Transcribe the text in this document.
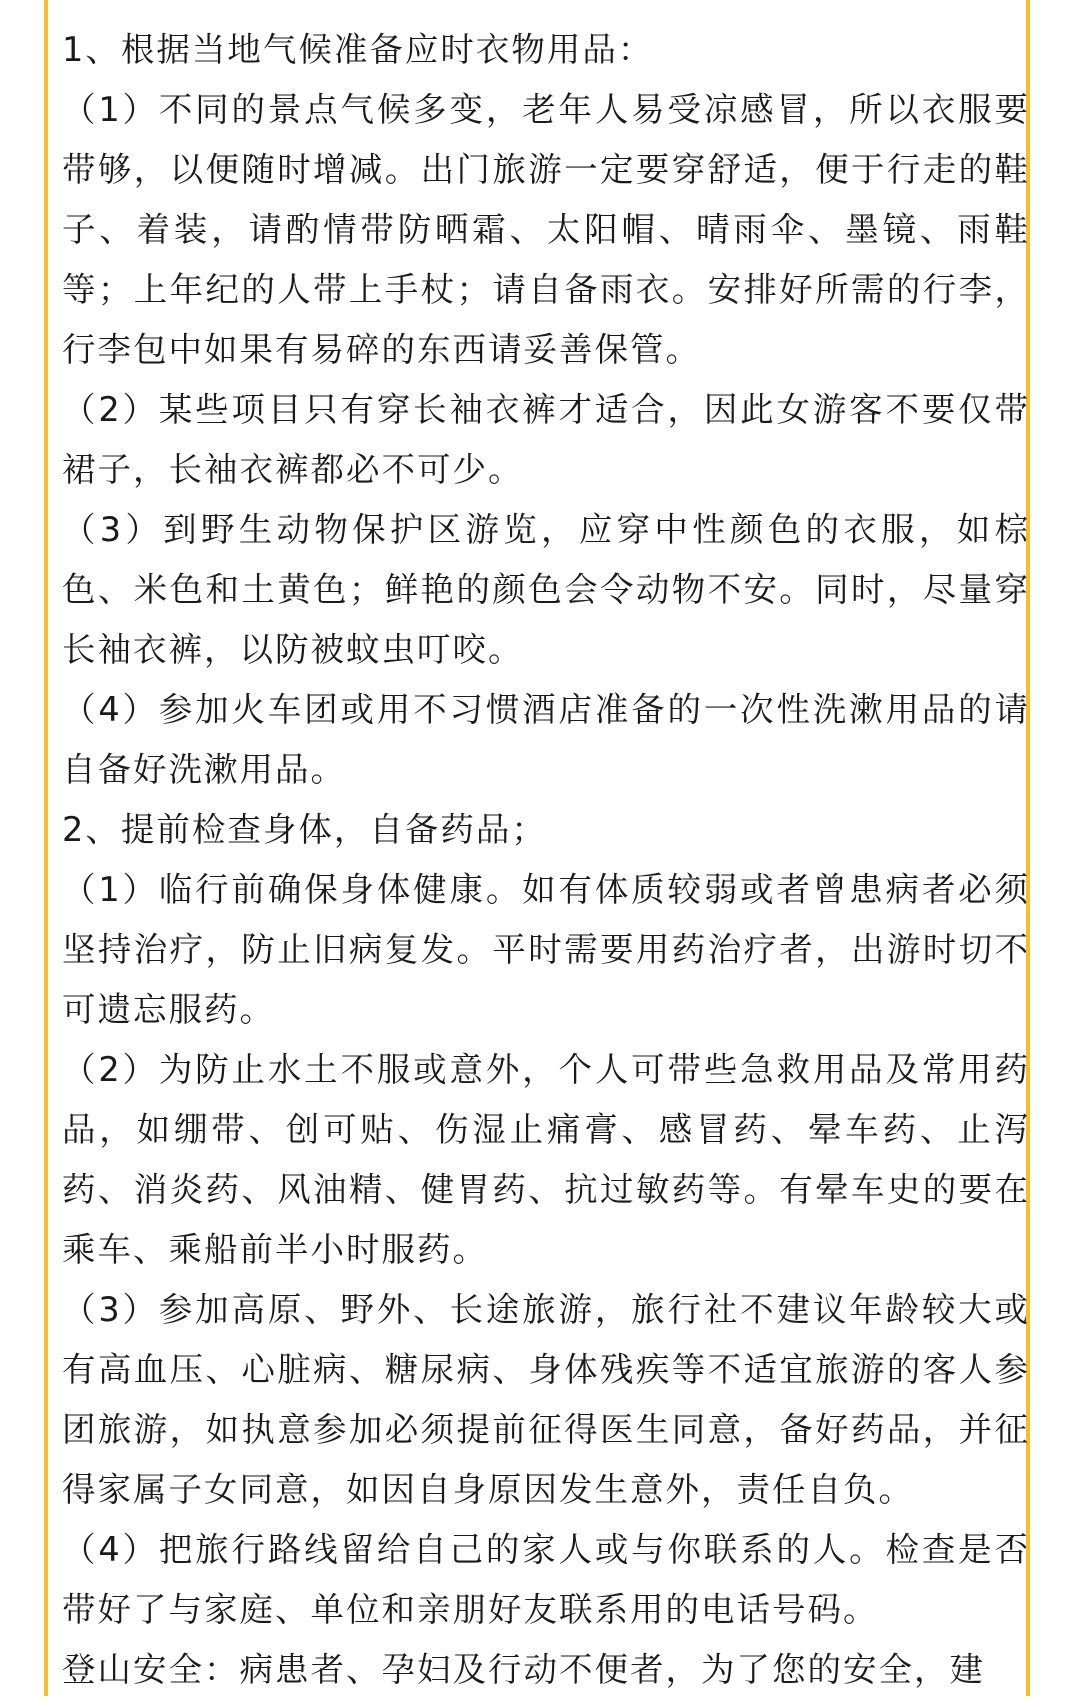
1、根据当地气候准备应时衣物用品：

（1）不同的景点气候多变，老年人易受凉感冒，所以衣服要带够，以便随时增减。出门旅游一定要穿舒适，便于行走的鞋子、着装，请酌情带防晒霜、太阳帽、晴雨伞、墨镜、雨鞋等；上年纪的人带上手杖；请自备雨衣。安排好所需的行李，行李包中如果有易碎的东西请妥善保管。

（2）某些项目只有穿长袖衣裤才适合，因此女游客不要仅带裙子，长袖衣裤都必不可少。

（3）到野生动物保护区游览，应穿中性颜色的衣服，如棕色、米色和土黄色；鲜艳的颜色会令动物不安。同时，尽量穿长袖衣裤，以防被蚊虫叮咬。

（4）参加火车团或用不习惯酒店准备的一次性洗漱用品的请自备好洗漱用品。

2、提前检查身体，自备药品；

（1）临行前确保身体健康。如有体质较弱或者曾患病者必须坚持治疗，防止旧病复发。平时需要用药治疗者，出游时切不可遗忘服药。

（2）为防止水土不服或意外，个人可带些急救用品及常用药品，如绷带、创可贴、伤湿止痛膏、感冒药、晕车药、止泻药、消炎药、风油精、健胃药、抗过敏药等。有晕车史的要在乘车、乘船前半小时服药。

（3）参加高原、野外、长途旅游，旅行社不建议年龄较大或有高血压、心脏病、糖尿病、身体残疾等不适宜旅游的客人参团旅游，如执意参加必须提前征得医生同意，备好药品，并征得家属子女同意，如因自身原因发生意外，责任自负。

（4）把旅行路线留给自己的家人或与你联系的人。检查是否带好了与家庭、单位和亲朋好友联系用的电话号码。

登山安全：病患者、孕妇及行动不便者，为了您的安全，建
